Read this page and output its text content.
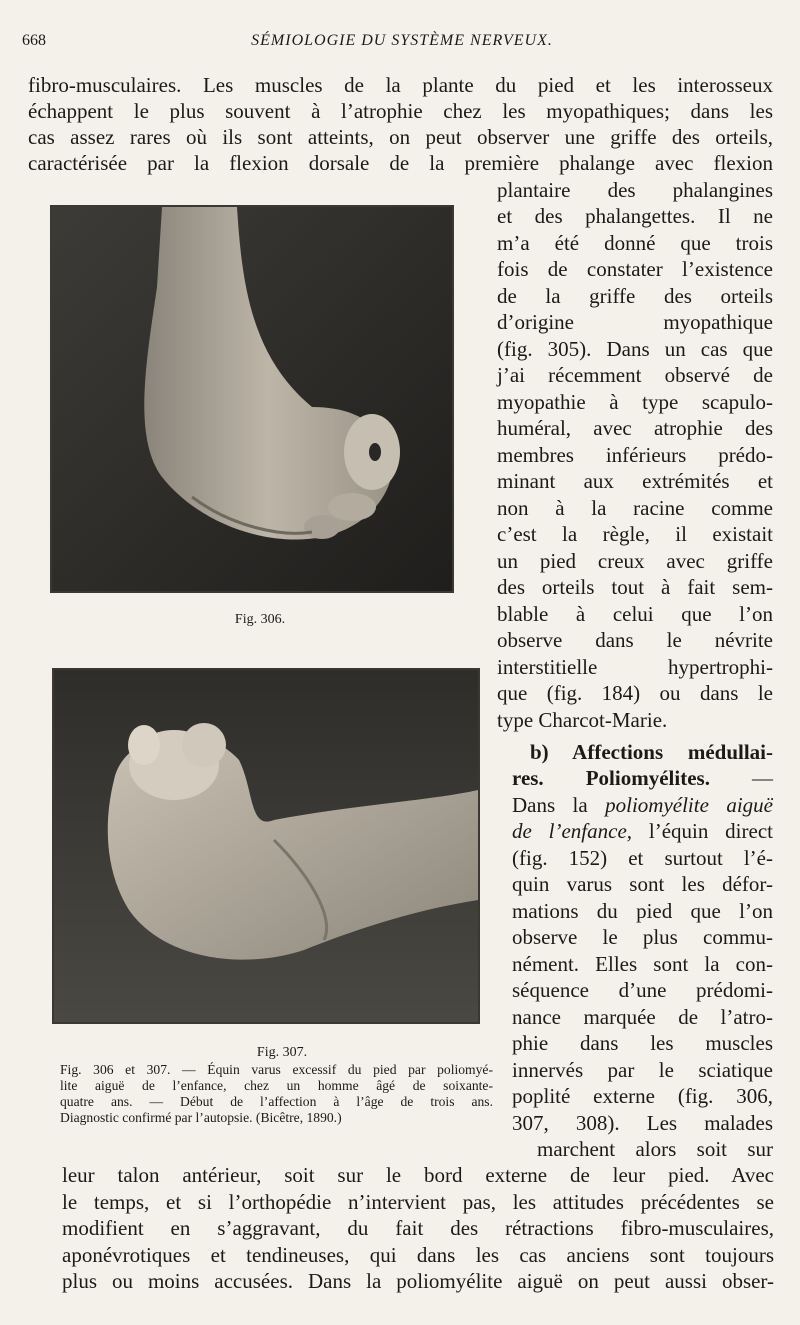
668	SÉMIOLOGIE DU SYSTÈME NERVEUX.
fibro-musculaires. Les muscles de la plante du pied et les interosseux
échappent le plus souvent à l’atrophie chez les myopathiques; dans les
cas assez rares où ils sont atteints, on peut observer une griffe des orteils,
caractérisée par la flexion dorsale de la première phalange avec flexion
plantaire des phalangines
et des phalangettes. Il ne
m’a été donné que trois
fois de constater l’existence
de la griffe des orteils
d’origine myopathique
(fig. 305). Dans un cas que
j’ai récemment observé de
myopathie à type scapulo-
huméral, avec atrophie des
membres inférieurs prédo-
minant aux extrémités et
non à la racine comme
c’est la règle, il existait
un pied creux avec griffe
des orteils tout à fait sem-
blable à celui que l’on
observe dans le névrite
interstitielle hypertrophi-
que (fig. 184) ou dans le
type Charcot-Marie.
b) Affections médullai-
res. Poliomyélites. —
Dans la poliomyélite aiguë
de l’enfance, l’équin direct
(fig. 152) et surtout l’é-
quin varus sont les défor-
mations du pied que l’on
observe le plus commu-
nément. Elles sont la con-
séquence d’une prédomi-
nance marquée de l’atro-
phie dans les muscles
innervés par le sciatique
poplité externe (fig. 306,
307, 308). Les malades
marchent alors soit sur
leur talon antérieur, soit sur le bord externe de leur pied. Avec
le temps, et si l’orthopédie n’intervient pas, les attitudes précédentes se
modifient en s’aggravant, du fait des rétractions fibro-musculaires,
aponévrotiques et tendineuses, qui dans les cas anciens sont toujours
plus ou moins accusées. Dans la poliomyélite aiguë on peut aussi obser-
Fig. 306.
Fig. 307.
Fig. 306 et 307. — Équin varus excessif du pied par poliomyé-
lite aiguë de l’enfance, chez un homme âgé de soixante-
quatre ans. — Début de l’affection à l’âge de trois ans.
Diagnostic confirmé par l’autopsie. (Bicêtre, 1890.)
